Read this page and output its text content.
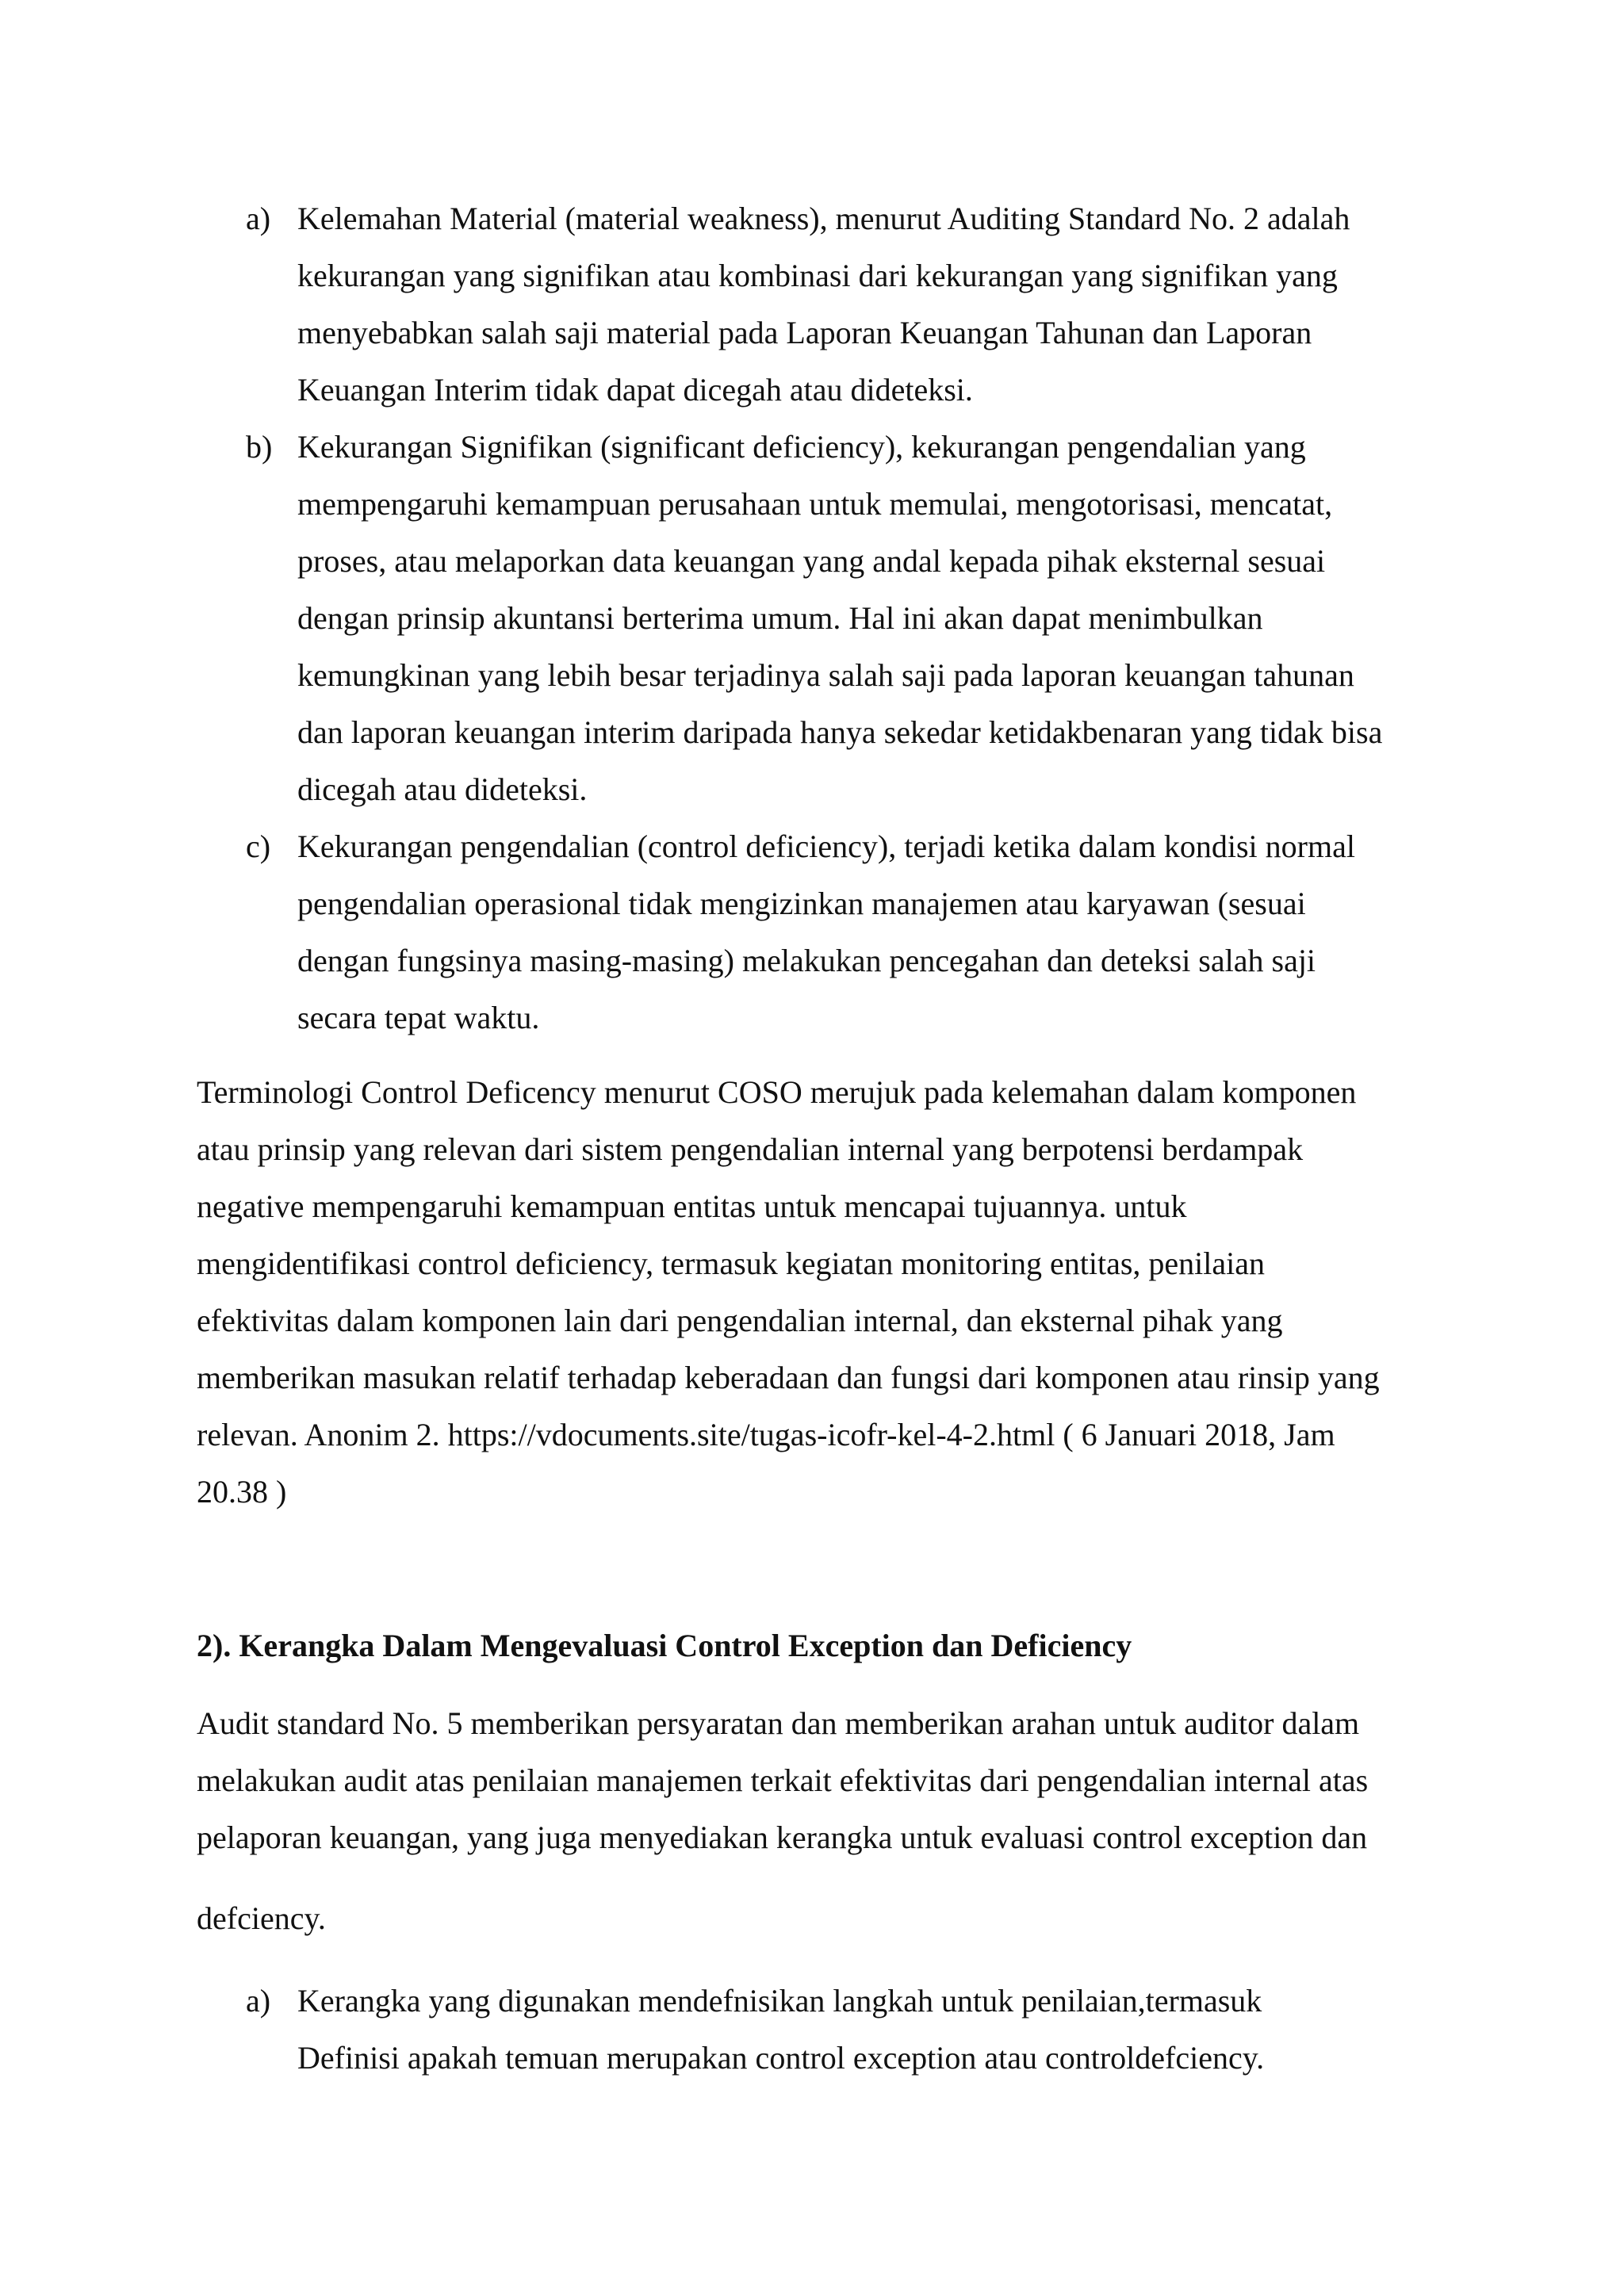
a) Kelemahan Material (material weakness), menurut Auditing Standard No. 2 adalah
kekurangan yang signifikan atau kombinasi dari kekurangan yang signifikan yang
menyebabkan salah saji material pada Laporan Keuangan Tahunan dan Laporan
Keuangan Interim tidak dapat dicegah atau dideteksi.
b) Kekurangan Signifikan (significant deficiency), kekurangan pengendalian yang
mempengaruhi kemampuan perusahaan untuk memulai, mengotorisasi, mencatat,
proses, atau melaporkan data keuangan yang andal kepada pihak eksternal sesuai
dengan prinsip akuntansi berterima umum. Hal ini akan dapat menimbulkan
kemungkinan yang lebih besar terjadinya salah saji pada laporan keuangan tahunan
dan laporan keuangan interim daripada hanya sekedar ketidakbenaran yang tidak bisa
dicegah atau dideteksi.
c) Kekurangan pengendalian (control deficiency), terjadi ketika dalam kondisi normal
pengendalian operasional tidak mengizinkan manajemen atau karyawan (sesuai
dengan fungsinya masing-masing) melakukan pencegahan dan deteksi salah saji
secara tepat waktu.
Terminologi Control Deficency menurut COSO merujuk pada kelemahan dalam komponen
atau prinsip yang relevan dari sistem pengendalian internal yang berpotensi berdampak
negative mempengaruhi kemampuan entitas untuk mencapai tujuannya. untuk
mengidentifikasi control deficiency, termasuk kegiatan monitoring entitas, penilaian
efektivitas dalam komponen lain dari pengendalian internal, dan eksternal pihak yang
memberikan masukan relatif terhadap keberadaan dan fungsi dari komponen atau rinsip yang
relevan. Anonim 2. https://vdocuments.site/tugas-icofr-kel-4-2.html ( 6 Januari 2018, Jam
20.38 )
2). Kerangka Dalam Mengevaluasi Control Exception dan Deficiency
Audit standard No. 5 memberikan persyaratan dan memberikan arahan untuk auditor dalam
melakukan audit atas penilaian manajemen terkait efektivitas dari pengendalian internal atas
pelaporan keuangan, yang juga menyediakan kerangka untuk evaluasi control exception dan
defciency.
a) Kerangka yang digunakan mendefnisikan langkah untuk penilaian,termasuk
Definisi apakah temuan merupakan control exception atau controldefciency.
